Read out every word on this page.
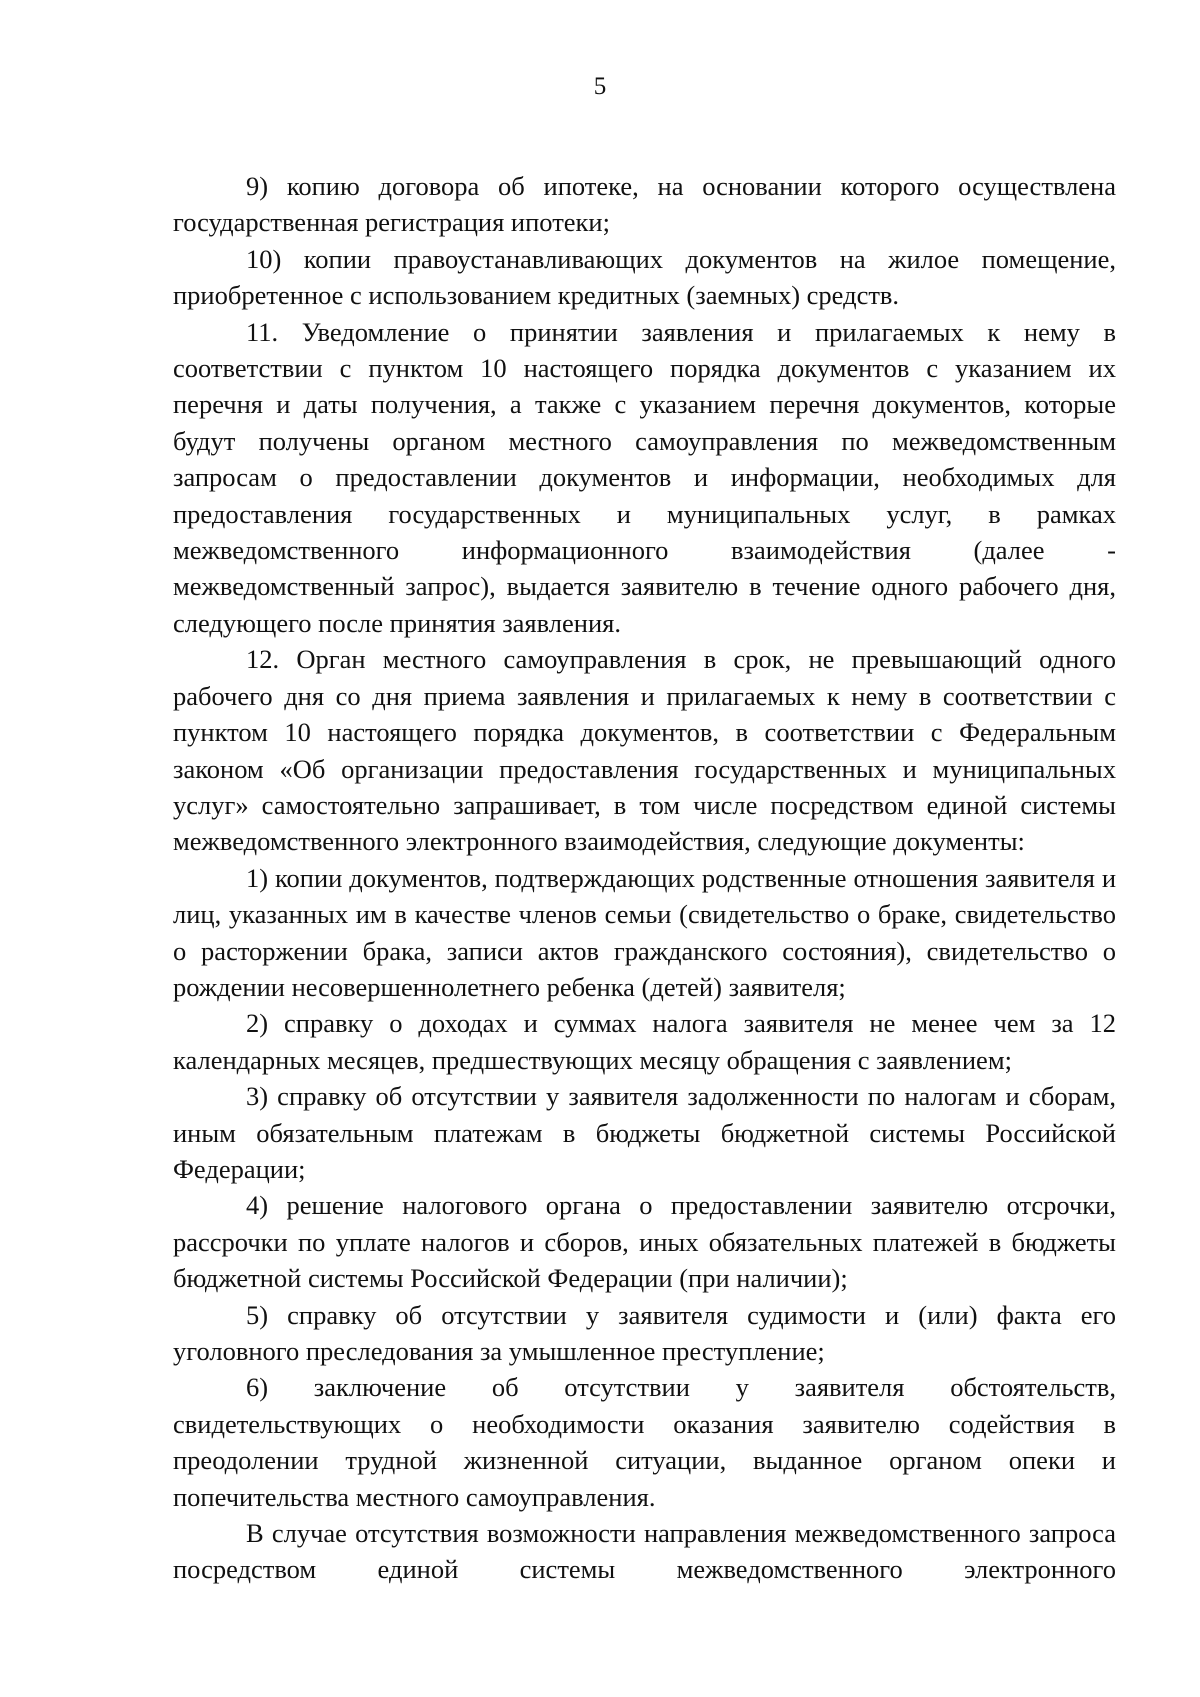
5

9) копию договора об ипотеке, на основании которого осуществлена государственная регистрация ипотеки;

10) копии правоустанавливающих документов на жилое помещение, приобретенное с использованием кредитных (заемных) средств.

11. Уведомление о принятии заявления и прилагаемых к нему в соответствии с пунктом 10 настоящего порядка документов с указанием их перечня и даты получения, а также с указанием перечня документов, которые будут получены органом местного самоуправления по межведомственным запросам о предоставлении документов и информации, необходимых для предоставления государственных и муниципальных услуг, в рамках межведомственного информационного взаимодействия (далее - межведомственный запрос), выдается заявителю в течение одного рабочего дня, следующего после принятия заявления.

12. Орган местного самоуправления в срок, не превышающий одного рабочего дня со дня приема заявления и прилагаемых к нему в соответствии с пунктом 10 настоящего порядка документов, в соответствии с Федеральным законом «Об организации предоставления государственных и муниципальных услуг» самостоятельно запрашивает, в том числе посредством единой системы межведомственного электронного взаимодействия, следующие документы:

1) копии документов, подтверждающих родственные отношения заявителя и лиц, указанных им в качестве членов семьи (свидетельство о браке, свидетельство о расторжении брака, записи актов гражданского состояния), свидетельство о рождении несовершеннолетнего ребенка (детей) заявителя;

2) справку о доходах и суммах налога заявителя не менее чем за 12 календарных месяцев, предшествующих месяцу обращения с заявлением;

3) справку об отсутствии у заявителя задолженности по налогам и сборам, иным обязательным платежам в бюджеты бюджетной системы Российской Федерации;

4) решение налогового органа о предоставлении заявителю отсрочки, рассрочки по уплате налогов и сборов, иных обязательных платежей в бюджеты бюджетной системы Российской Федерации (при наличии);

5) справку об отсутствии у заявителя судимости и (или) факта его уголовного преследования за умышленное преступление;

6) заключение об отсутствии у заявителя обстоятельств, свидетельствующих о необходимости оказания заявителю содействия в преодолении трудной жизненной ситуации, выданное органом опеки и попечительства местного самоуправления.

В случае отсутствия возможности направления межведомственного запроса посредством единой системы межведомственного электронного
